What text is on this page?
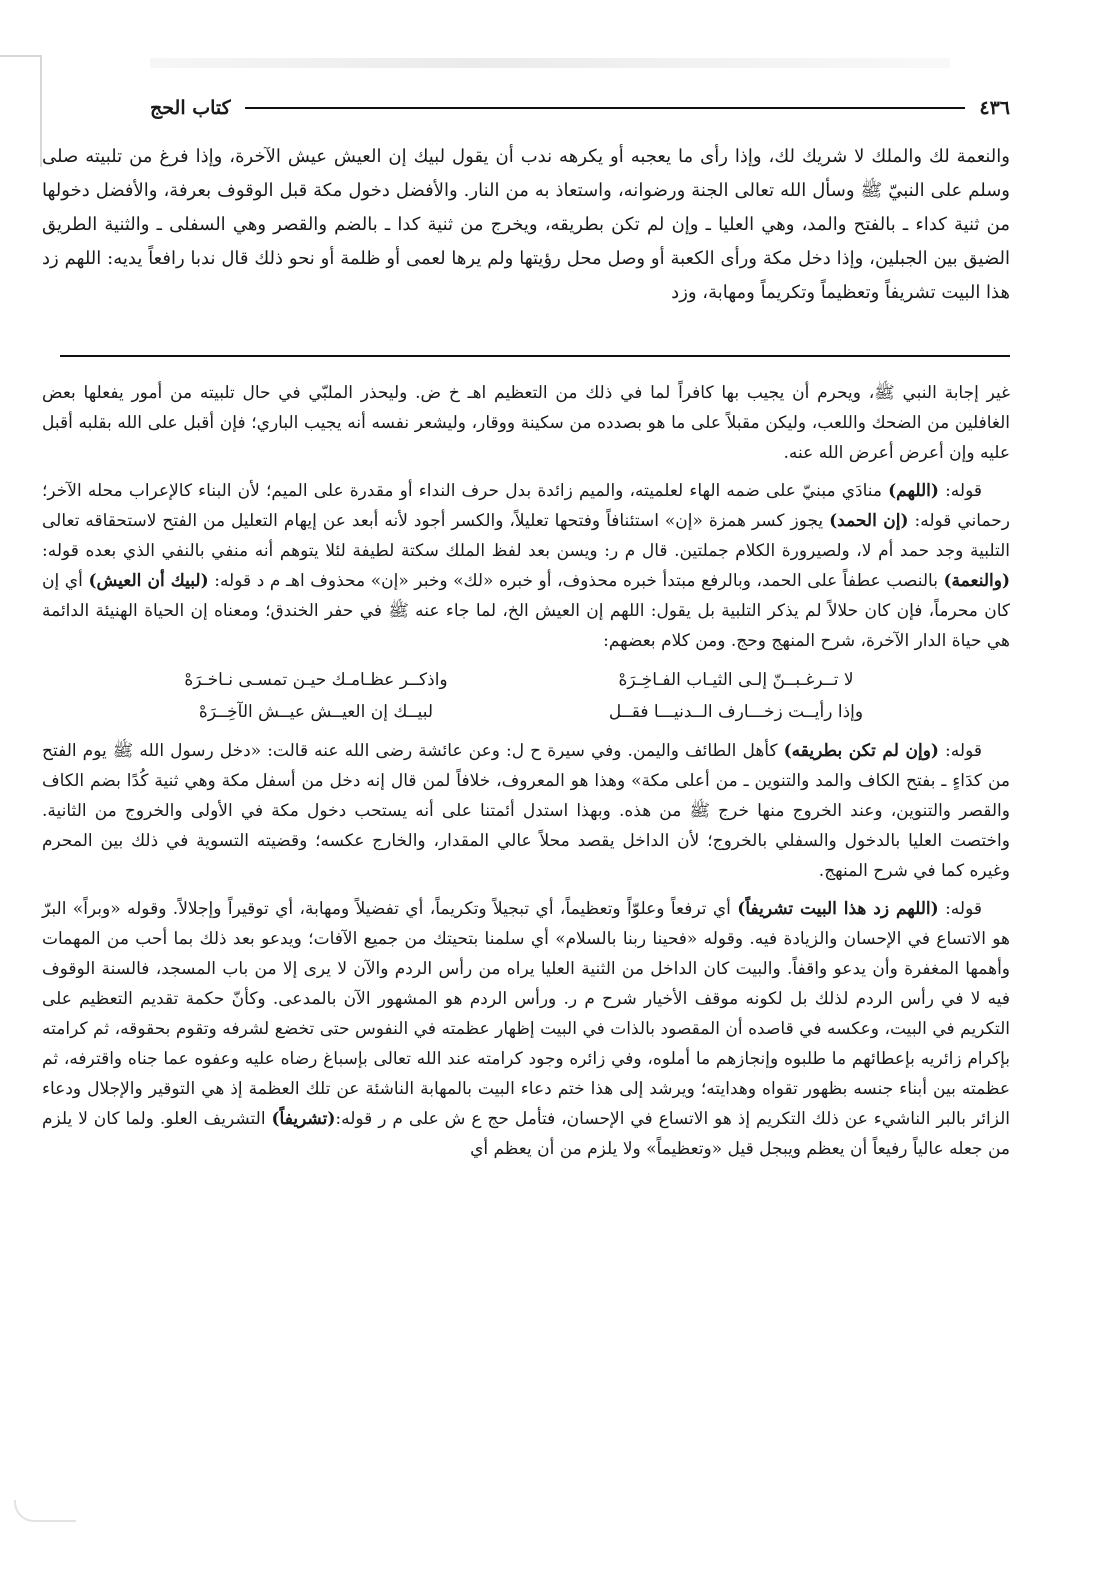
٤٣٦
كتاب الحج

والنعمة لك والملك لا شريك لك، وإذا رأى ما يعجبه أو يكرهه ندب أن يقول لبيك إن العيش عيش الآخرة، وإذا فرغ من تلبيته صلى وسلم على النبيّ ﷺ وسأل الله تعالى الجنة ورضوانه، واستعاذ به من النار. والأفضل دخول مكة قبل الوقوف بعرفة، والأفضل دخولها من ثنية كداء ـ بالفتح والمد، وهي العليا ـ وإن لم تكن بطريقه، ويخرج من ثنية كدا ـ بالضم والقصر وهي السفلى ـ والثنية الطريق الضيق بين الجبلين، وإذا دخل مكة ورأى الكعبة أو وصل محل رؤيتها ولم يرها لعمى أو ظلمة أو نحو ذلك قال ندبا رافعاً يديه: اللهم زد هذا البيت تشريفاً وتعظيماً وتكريماً ومهابة، وزد

غير إجابة النبي ﷺ، ويحرم أن يجيب بها كافراً لما في ذلك من التعظيم اهـ خ ض. وليحذر الملبّي في حال تلبيته من أمور يفعلها بعض الغافلين من الضحك واللعب، وليكن مقبلاً على ما هو بصدده من سكينة ووقار، وليشعر نفسه أنه يجيب الباري؛ فإن أقبل على الله بقلبه أقبل عليه وإن أعرض أعرض الله عنه.

قوله: (اللهم) منادَي مبنيّ على ضمه الهاء لعلميته، والميم زائدة بدل حرف النداء أو مقدرة على الميم؛ لأن البناء كالإعراب محله الآخر؛ رحماني قوله: (إن الحمد) يجوز كسر همزة «إن» استئنافاً وفتحها تعليلاً، والكسر أجود لأنه أبعد عن إيهام التعليل من الفتح لاستحقاقه تعالى التلبية وجد حمد أم لا، ولصيرورة الكلام جملتين. قال م ر: ويسن بعد لفظ الملك سكتة لطيفة لئلا يتوهم أنه منفي بالنفي الذي بعده قوله: (والنعمة) بالنصب عطفاً على الحمد، وبالرفع مبتدأ خبره محذوف، أو خبره «لك» وخبر «إن» محذوف اهـ م د قوله: (لبيك أن العيش) أي إن كان محرماً، فإن كان حلالاً لم يذكر التلبية بل يقول: اللهم إن العيش الخ، لما جاء عنه ﷺ في حفر الخندق؛ ومعناه إن الحياة الهنيئة الدائمة هي حياة الدار الآخرة، شرح المنهج وحج. ومن كلام بعضهم:

لا تــرغـبــنّ إلـى الثيـاب الفـاخِـرَهْ
واذكــر عظـامـك حيـن تمسـى نـاخـرَهْ
وإذا رأيــت زخـــارف الــدنيـــا فقــل
لبيــك إن العيــش عيــش الآخِــرَهْ

قوله: (وإن لم تكن بطريقه) كأهل الطائف واليمن. وفي سيرة ح ل: وعن عائشة رضى الله عنه قالت: «دخل رسول الله ﷺ يوم الفتح من كدَاءٍ ـ بفتح الكاف والمد والتنوين ـ من أعلى مكة» وهذا هو المعروف، خلافاً لمن قال إنه دخل من أسفل مكة وهي ثنية كُدًا بضم الكاف والقصر والتنوين، وعند الخروج منها خرج ﷺ من هذه. وبهذا استدل أئمتنا على أنه يستحب دخول مكة في الأولى والخروج من الثانية. واختصت العليا بالدخول والسفلي بالخروج؛ لأن الداخل يقصد محلاً عالي المقدار، والخارج عكسه؛ وقضيته التسوية في ذلك بين المحرم وغيره كما في شرح المنهج.

قوله: (اللهم زد هذا البيت تشريفاً) أي ترفعاً وعلوّاً وتعظيماً، أي تبجيلاً وتكريماً، أي تفضيلاً ومهابة، أي توقيراً وإجلالاً. وقوله «وبراً» البرّ هو الاتساع في الإحسان والزيادة فيه. وقوله «فحينا ربنا بالسلام» أي سلمنا بتحيتك من جميع الآفات؛ ويدعو بعد ذلك بما أحب من المهمات وأهمها المغفرة وأن يدعو واقفاً. والبيت كان الداخل من الثنية العليا يراه من رأس الردم والآن لا يرى إلا من باب المسجد، فالسنة الوقوف فيه لا في رأس الردم لذلك بل لكونه موقف الأخيار شرح م ر. ورأس الردم هو المشهور الآن بالمدعى. وكأنّ حكمة تقديم التعظيم على التكريم في البيت، وعكسه في قاصده أن المقصود بالذات في البيت إظهار عظمته في النفوس حتى تخضع لشرفه وتقوم بحقوقه، ثم كرامته بإكرام زائريه بإعطائهم ما طلبوه وإنجازهم ما أملوه، وفي زائره وجود كرامته عند الله تعالى بإسباغ رضاه عليه وعفوه عما جناه واقترفه، ثم عظمته بين أبناء جنسه بظهور تقواه وهدايته؛ ويرشد إلى هذا ختم دعاء البيت بالمهابة الناشئة عن تلك العظمة إذ هي التوقير والإجلال ودعاء الزائر بالبر الناشيء عن ذلك التكريم إذ هو الاتساع في الإحسان، فتأمل حج ع ش على م ر قوله:(تشريفاً) التشريف العلو. ولما كان لا يلزم من جعله عالياً رفيعاً أن يعظم ويبجل قيل «وتعظيماً» ولا يلزم من أن يعظم أي
